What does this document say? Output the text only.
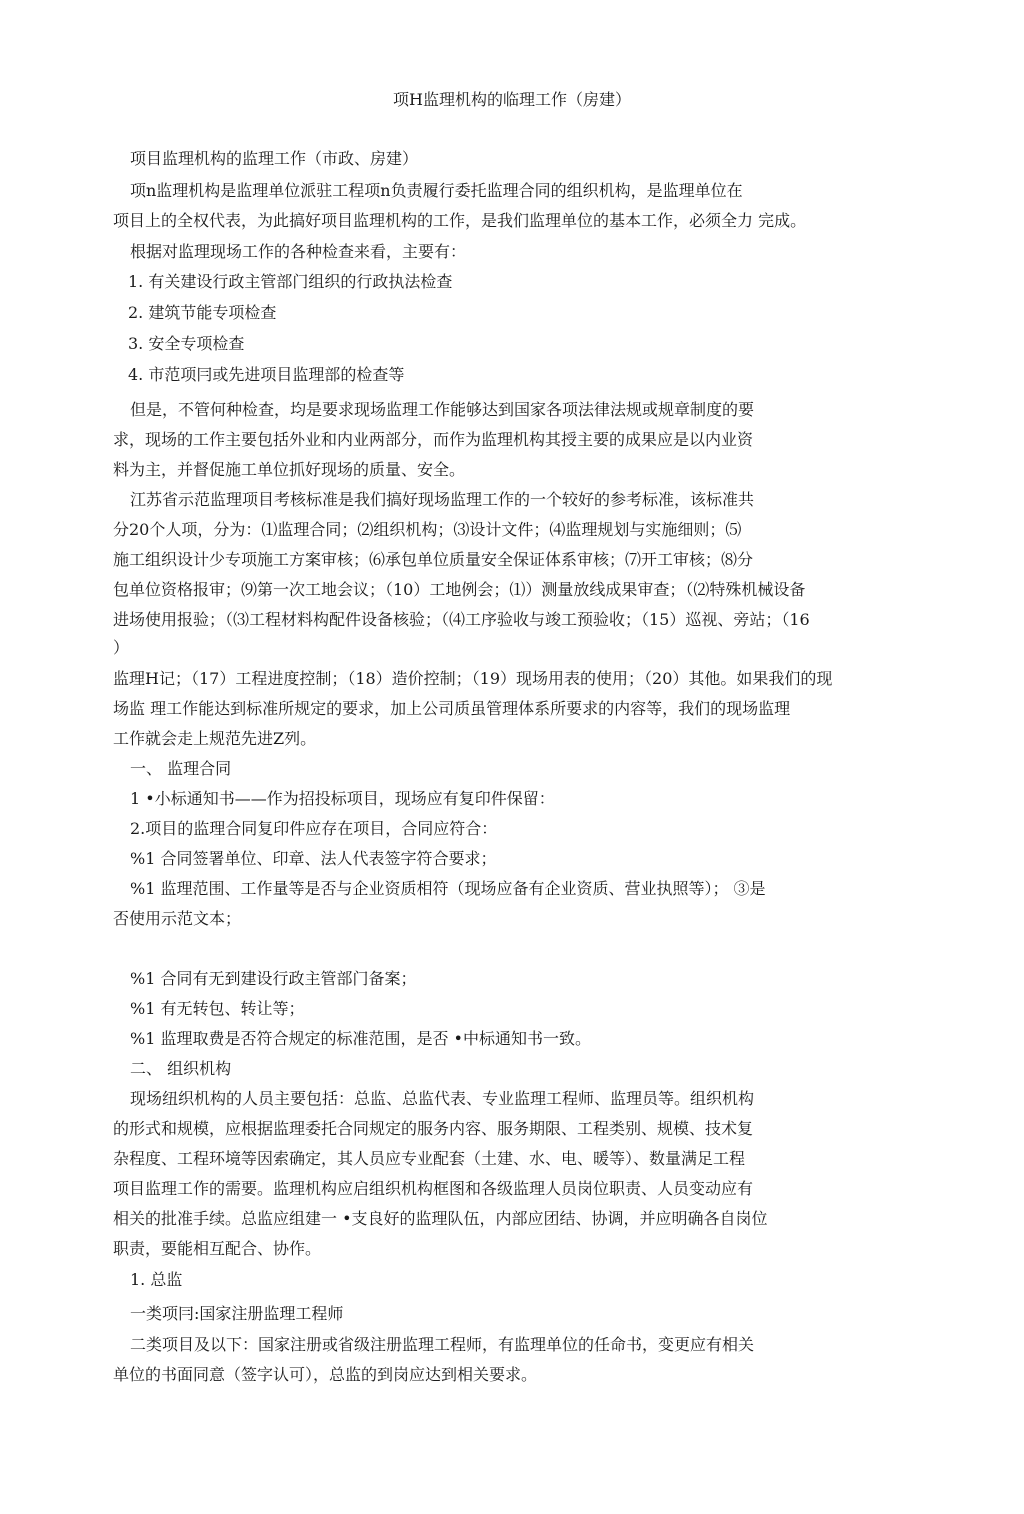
项H监理机构的临理工作（房建）
项目监理机构的监理工作（市政、房建）
项n监理机构是监理单位派驻工程项n负责履行委托监理合同的组织机构，是监理单位在
项目上的全权代表，为此搞好项目监理机构的工作，是我们监理单位的基本工作，必须全力 完成。
根据对监理现场工作的各种检查来看，主要有：
1. 有关建设行政主管部门组织的行政执法检查
2. 建筑节能专项检查
3. 安全专项检查
4. 市范项冃或先进项目监理部的检查等
但是，不管何种检查，均是要求现场监理工作能够达到国家各项法律法规或规章制度的要
求，现场的工作主要包括外业和内业两部分，而作为监理机构其授主要的成果应是以内业资
料为主，并督促施工单位抓好现场的质量、安全。
江苏省示范监理项目考核标准是我们搞好现场监理工作的一个较好的参考标准，该标准共
分20个人项，分为：⑴监理合同；⑵组织机构；⑶设计文件；⑷监理规划与实施细则；⑸
施工组织设计少专项施工方案审核；⑹承包单位质量安全保证体系审核；⑺开工审核；⑻分
包单位资格报审；⑼第一次工地会议；（10）工地例会；⑴）测量放线成果审查；（⑵特殊机械设备
进场使用报验；（⑶工程材料构配件设备核验；（⑷工序验收与竣工预验收；（15）巡视、旁站；（16
）
监理H记；（17）工程进度控制；（18）造价控制；（19）现场用表的使用；（20）其他。如果我们的现
场监 理工作能达到标准所规定的要求，加上公司质虽管理体系所要求的内容等，我们的现场监理
工作就会走上规范先进Z列。
一、 监理合同
1 •小标通知书——作为招投标项目，现场应有复印件保留：
2.项目的监理合同复印件应存在项目，合同应符合：
%1 合同签署单位、印章、法人代表签字符合要求；
%1 监理范围、工作量等是否与企业资质相符（现场应备有企业资质、营业执照等）； ③是
否使用示范文本；
%1 合同有无到建设行政主管部门备案；
%1 有无转包、转让等；
%1 监理取费是否符合规定的标准范围，是否 •中标通知书一致。
二、 组织机构
现场纽织机构的人员主要包括：总监、总监代表、专业监理工程师、监理员等。组织机构
的形式和规模，应根据监理委托合同规定的服务内容、服务期限、工程类别、规模、技术复
杂程度、工程环境等因索确定，其人员应专业配套（土建、水、电、暖等）、数量满足工程
项目监理工作的需要。监理机构应启组织机构框图和各级监理人员岗位职责、人员变动应有
相关的批准手续。总监应组建一 •支良好的监理队伍，内部应团结、协调，并应明确各自岗位
职责，要能相互配合、协作。
1. 总监
一类项冃:国家注册监理工程师
二类项目及以下：国家注册或省级注册监理工程师，有监理单位的任命书，变更应有相关
单位的书面同意（签字认可），总监的到岗应达到相关要求。
